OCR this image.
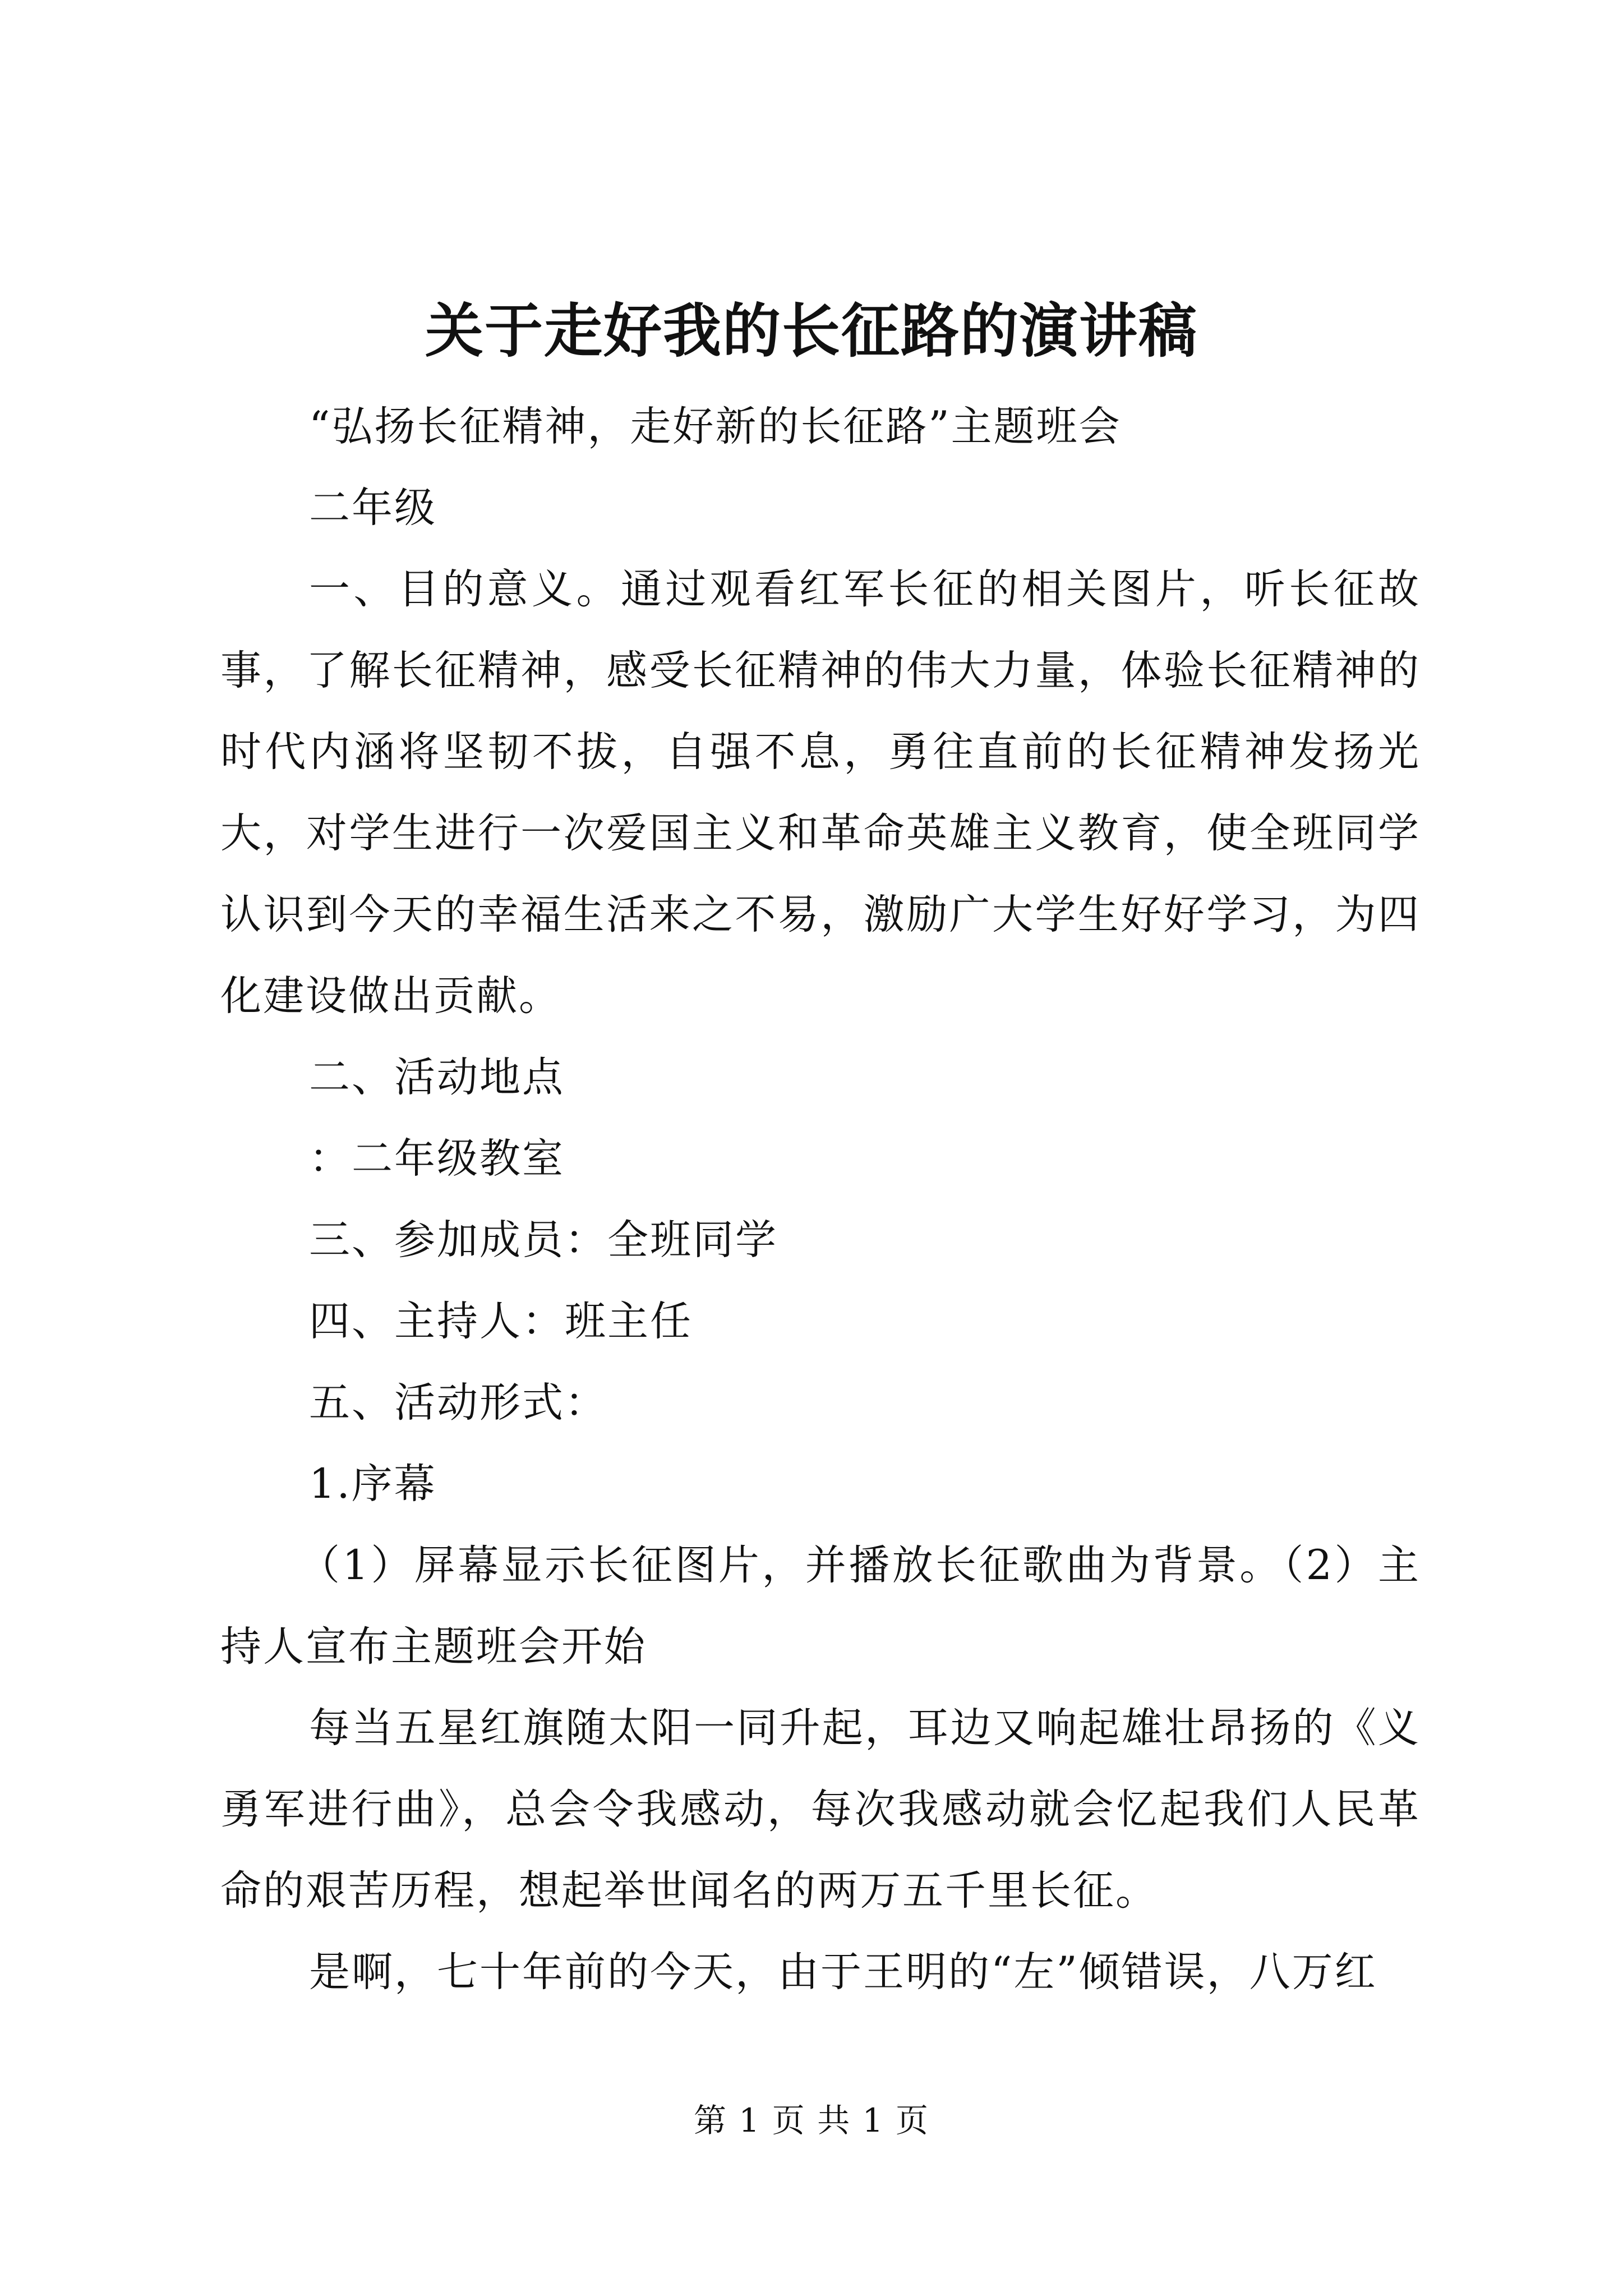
关于走好我的长征路的演讲稿

“弘扬长征精神，走好新的长征路”主题班会

二年级

一、目的意义。通过观看红军长征的相关图片，听长征故事，了解长征精神，感受长征精神的伟大力量，体验长征精神的时代内涵将坚韧不拔，自强不息，勇往直前的长征精神发扬光大，对学生进行一次爱国主义和革命英雄主义教育，使全班同学认识到今天的幸福生活来之不易，激励广大学生好好学习，为四化建设做出贡献。

二、活动地点

：二年级教室

三、参加成员：全班同学

四、主持人：班主任

五、活动形式：

1.序幕

（1）屏幕显示长征图片，并播放长征歌曲为背景。（2）主持人宣布主题班会开始

每当五星红旗随太阳一同升起，耳边又响起雄壮昂扬的《义勇军进行曲》，总会令我感动，每次我感动就会忆起我们人民革命的艰苦历程，想起举世闻名的两万五千里长征。

是啊，七十年前的今天，由于王明的“左”倾错误，八万红

第 1 页 共 1 页
